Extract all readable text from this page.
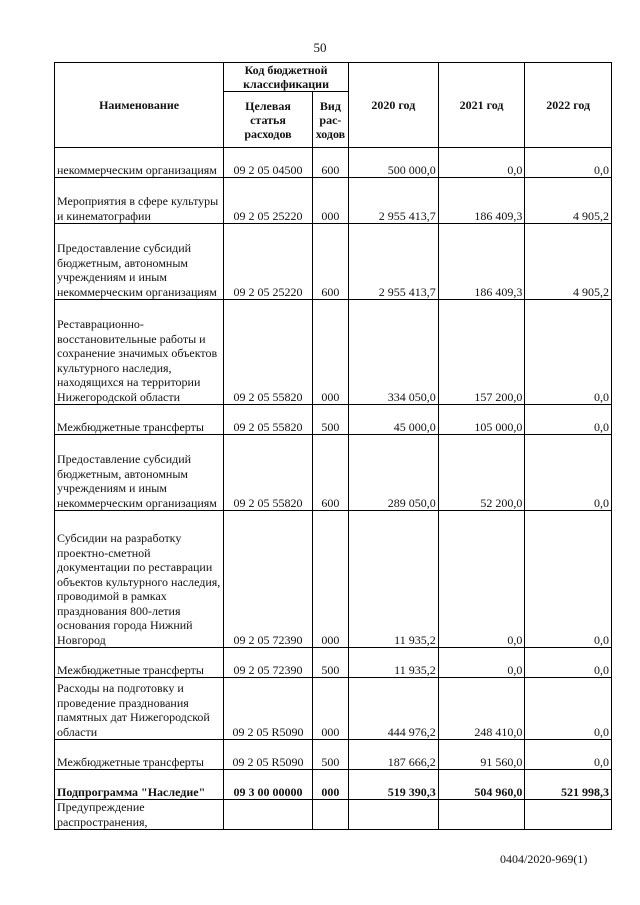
50
Наименование	Код бюджетной классификации		2020 год	2021 год	2022 год
	Целевая статья расходов	Вид рас-ходов			
некоммерческим организациям	09 2 05 04500	600	500 000,0	0,0	0,0
Мероприятия в сфере культуры и кинематографии	09 2 05 25220	000	2 955 413,7	186 409,3	4 905,2
Предоставление субсидий бюджетным, автономным учреждениям и иным некоммерческим организациям	09 2 05 25220	600	2 955 413,7	186 409,3	4 905,2
Реставрационно-восстановительные работы и сохранение значимых объектов культурного наследия, находящихся на территории Нижегородской области	09 2 05 55820	000	334 050,0	157 200,0	0,0
Межбюджетные трансферты	09 2 05 55820	500	45 000,0	105 000,0	0,0
Предоставление субсидий бюджетным, автономным учреждениям и иным некоммерческим организациям	09 2 05 55820	600	289 050,0	52 200,0	0,0
Субсидии на разработку проектно-сметной документации по реставрации объектов культурного наследия, проводимой в рамках празднования 800-летия основания города Нижний Новгород	09 2 05 72390	000	11 935,2	0,0	0,0
Межбюджетные трансферты	09 2 05 72390	500	11 935,2	0,0	0,0
Расходы на подготовку и проведение празднования памятных дат Нижегородской области	09 2 05 R5090	000	444 976,2	248 410,0	0,0
Межбюджетные трансферты	09 2 05 R5090	500	187 666,2	91 560,0	0,0
Подпрограмма "Наследие"	09 3 00 00000	000	519 390,3	504 960,0	521 998,3
Предупреждение распространения,					
0404/2020-969(1)
